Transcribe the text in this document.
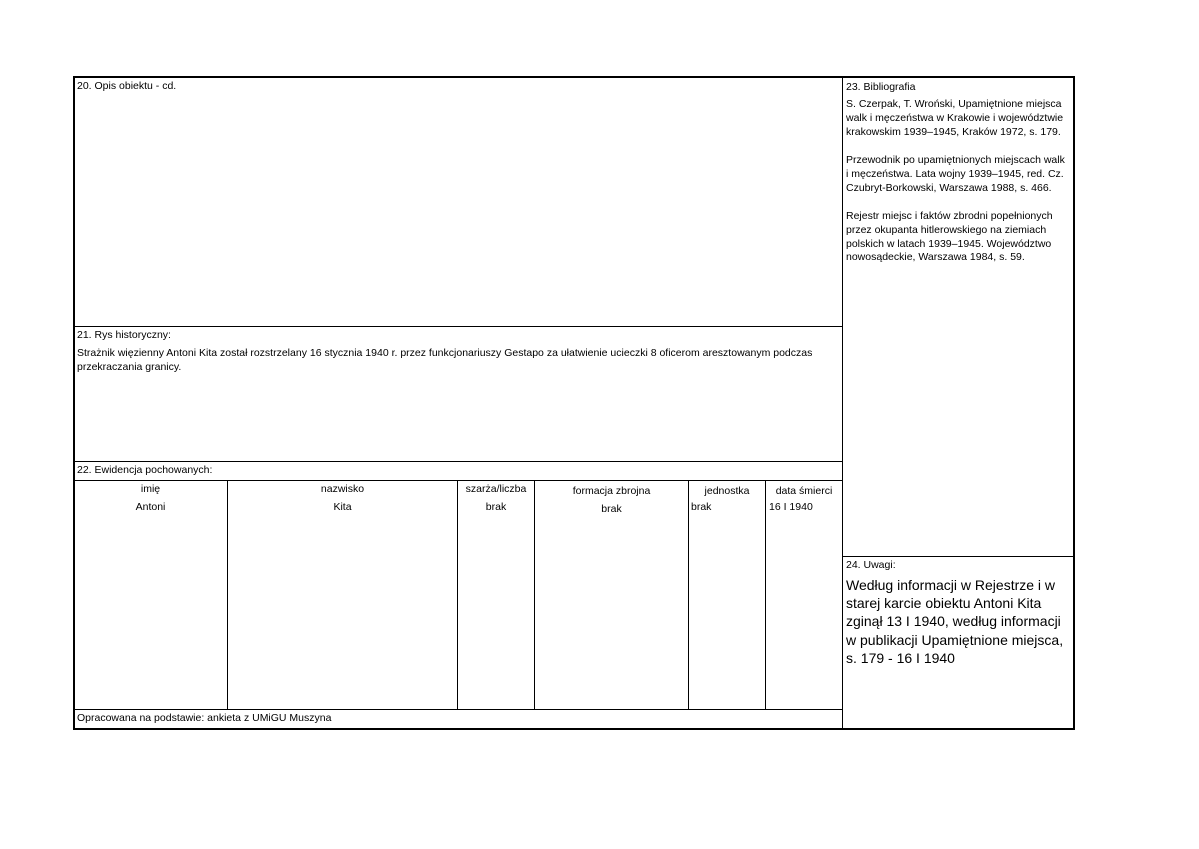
20. Opis obiektu - cd.
21. Rys historyczny:
Strażnik więzienny Antoni Kita został rozstrzelany 16 stycznia 1940 r. przez funkcjonariuszy Gestapo za ułatwienie ucieczki 8 oficerom aresztowanym podczas przekraczania granicy.
22. Ewidencja pochowanych:
imię	nazwisko	szarża/liczba	formacja zbrojna	jednostka	data śmierci
Antoni	Kita	brak	brak	brak	16 I 1940
Opracowana na podstawie: ankieta z UMiGU Muszyna
23. Bibliografia
S. Czerpak, T. Wroński, Upamiętnione miejsca walk i męczeństwa w Krakowie i województwie krakowskim 1939–1945, Kraków 1972, s. 179.
Przewodnik po upamiętnionych miejscach walk i męczeństwa. Lata wojny 1939–1945, red. Cz. Czubryt-Borkowski, Warszawa 1988, s. 466.
Rejestr miejsc i faktów zbrodni popełnionych przez okupanta hitlerowskiego na ziemiach polskich w latach 1939–1945. Województwo nowosądeckie, Warszawa 1984, s. 59.
24. Uwagi:
Według informacji w Rejestrze i w starej karcie obiektu Antoni Kita zginął 13 I 1940, według informacji w publikacji Upamiętnione miejsca, s. 179 - 16 I 1940
